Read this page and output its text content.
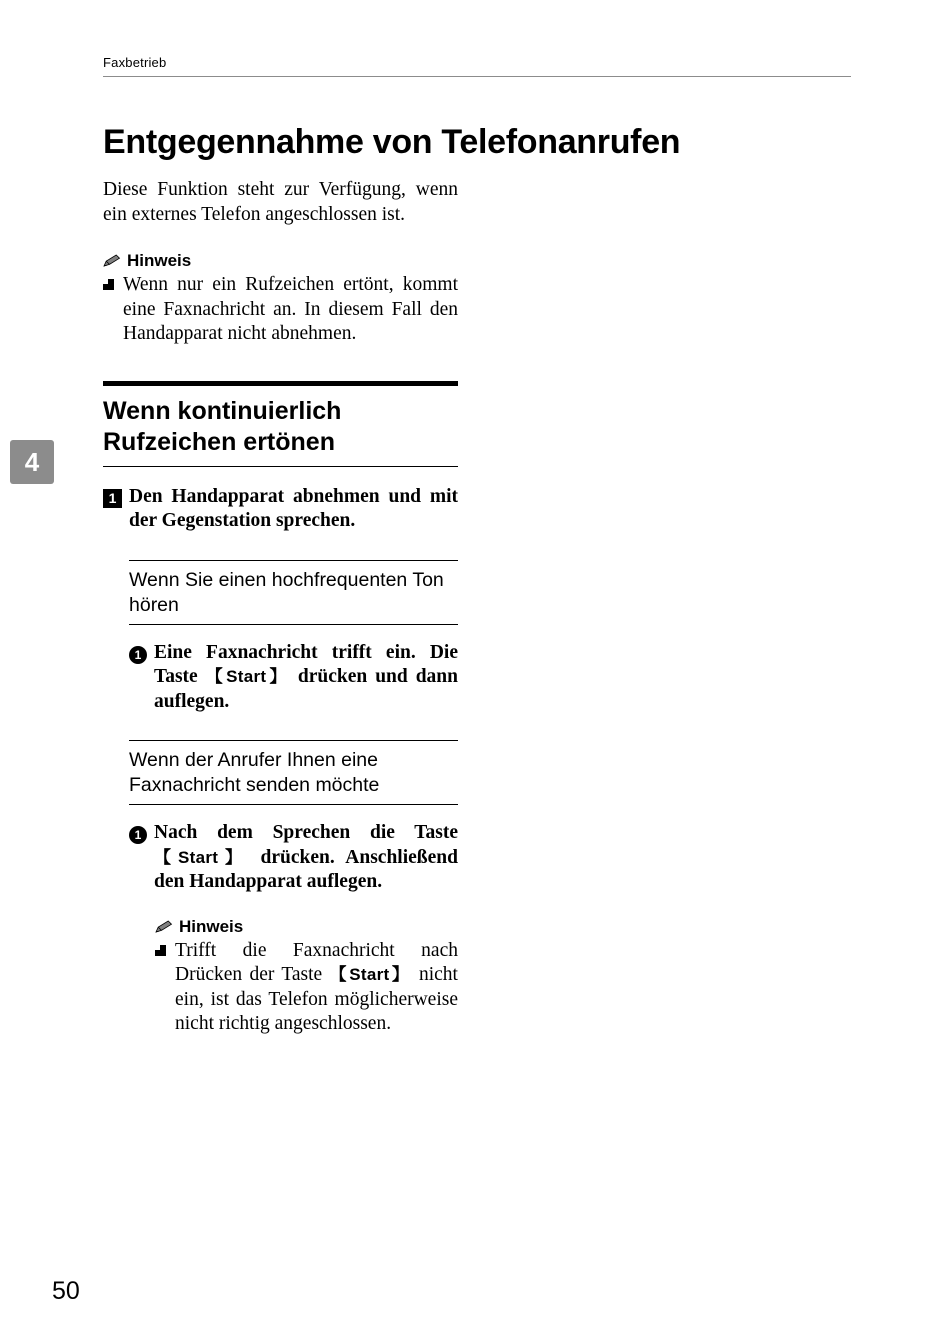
Faxbetrieb
4
Entgegennahme von Telefonanrufen

Diese Funktion steht zur Verfügung, wenn ein externes Telefon angeschlossen ist.

Hinweis
Wenn nur ein Rufzeichen ertönt, kommt eine Faxnachricht an. In diesem Fall den Handapparat nicht abnehmen.
Wenn kontinuierlich Rufzeichen ertönen
1 Den Handapparat abnehmen und mit der Gegenstation sprechen.
Wenn Sie einen hochfrequenten Ton hören
1 Eine Faxnachricht trifft ein. Die Taste 【Start】 drücken und dann auflegen.
Wenn der Anrufer Ihnen eine Faxnachricht senden möchte
1 Nach dem Sprechen die Taste 【Start】 drücken. Anschließend den Handapparat auflegen.
Hinweis
Trifft die Faxnachricht nach Drücken der Taste 【Start】 nicht ein, ist das Telefon möglicherweise nicht richtig angeschlossen.
50
